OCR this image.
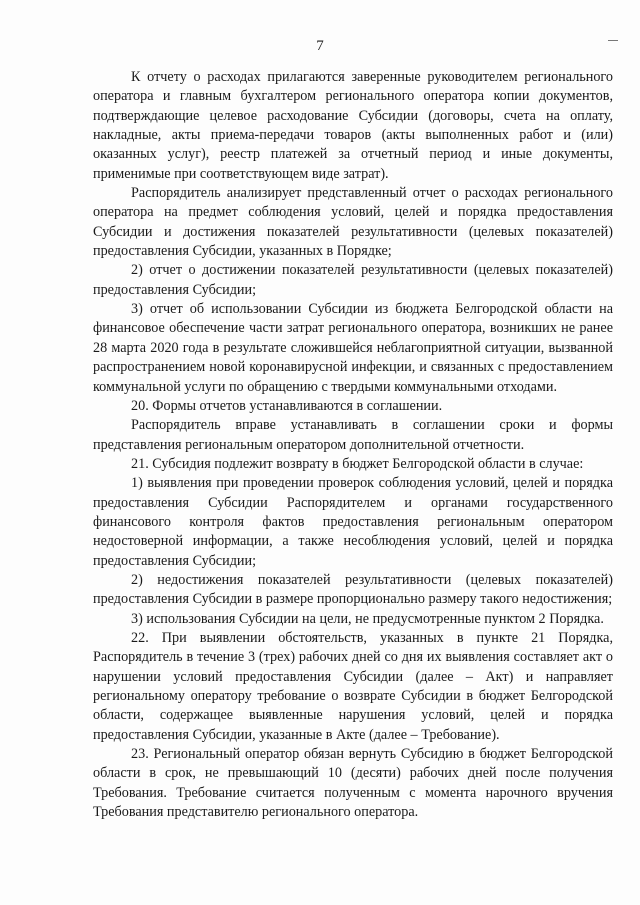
7

К отчету о расходах прилагаются заверенные руководителем регионального оператора и главным бухгалтером регионального оператора копии документов, подтверждающие целевое расходование Субсидии (договоры, счета на оплату, накладные, акты приема-передачи товаров (акты выполненных работ и (или) оказанных услуг), реестр платежей за отчетный период и иные документы, применимые при соответствующем виде затрат).

Распорядитель анализирует представленный отчет о расходах регионального оператора на предмет соблюдения условий, целей и порядка предоставления Субсидии и достижения показателей результативности (целевых показателей) предоставления Субсидии, указанных в Порядке;

2) отчет о достижении показателей результативности (целевых показателей) предоставления Субсидии;

3) отчет об использовании Субсидии из бюджета Белгородской области на финансовое обеспечение части затрат регионального оператора, возникших не ранее 28 марта 2020 года в результате сложившейся неблагоприятной ситуации, вызванной распространением новой коронавирусной инфекции, и связанных с предоставлением коммунальной услуги по обращению с твердыми коммунальными отходами.

20. Формы отчетов устанавливаются в соглашении.

Распорядитель вправе устанавливать в соглашении сроки и формы представления региональным оператором дополнительной отчетности.

21. Субсидия подлежит возврату в бюджет Белгородской области в случае:

1) выявления при проведении проверок соблюдения условий, целей и порядка предоставления Субсидии Распорядителем и органами государственного финансового контроля фактов предоставления региональным оператором недостоверной информации, а также несоблюдения условий, целей и порядка предоставления Субсидии;

2) недостижения показателей результативности (целевых показателей) предоставления Субсидии в размере пропорционально размеру такого недостижения;

3) использования Субсидии на цели, не предусмотренные пунктом 2 Порядка.

22. При выявлении обстоятельств, указанных в пункте 21 Порядка, Распорядитель в течение 3 (трех) рабочих дней со дня их выявления составляет акт о нарушении условий предоставления Субсидии (далее – Акт) и направляет региональному оператору требование о возврате Субсидии в бюджет Белгородской области, содержащее выявленные нарушения условий, целей и порядка предоставления Субсидии, указанные в Акте (далее – Требование).

23. Региональный оператор обязан вернуть Субсидию в бюджет Белгородской области в срок, не превышающий 10 (десяти) рабочих дней после получения Требования. Требование считается полученным с момента нарочного вручения Требования представителю регионального оператора.
